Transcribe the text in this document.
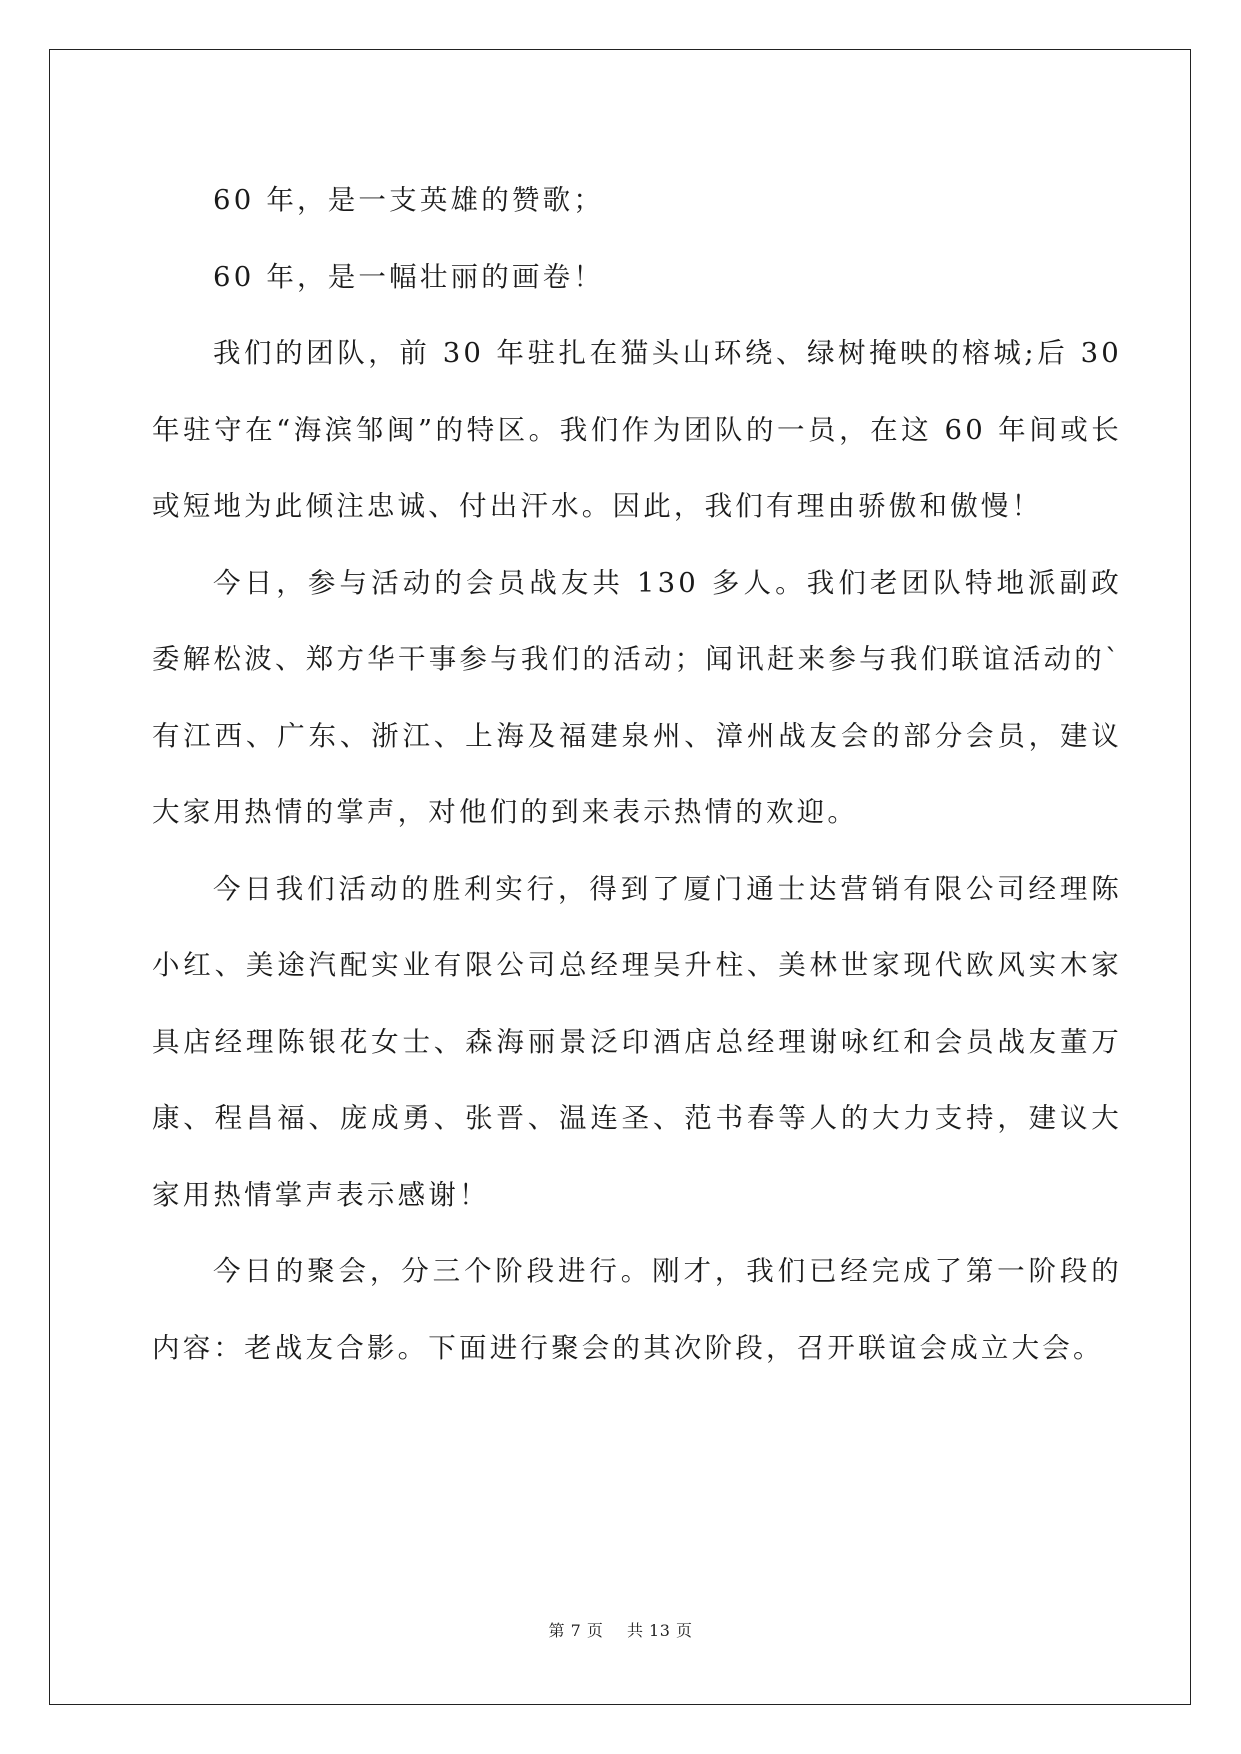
60 年，是一支英雄的赞歌；

60 年，是一幅壮丽的画卷！

我们的团队，前 30 年驻扎在猫头山环绕、绿树掩映的榕城;后 30 年驻守在“海滨邹闽”的特区。我们作为团队的一员，在这 60 年间或长或短地为此倾注忠诚、付出汗水。因此，我们有理由骄傲和傲慢！

今日，参与活动的会员战友共 130 多人。我们老团队特地派副政委解松波、郑方华干事参与我们的活动；闻讯赶来参与我们联谊活动的`有江西、广东、浙江、上海及福建泉州、漳州战友会的部分会员，建议大家用热情的掌声，对他们的到来表示热情的欢迎。

今日我们活动的胜利实行，得到了厦门通士达营销有限公司经理陈小红、美途汽配实业有限公司总经理吴升柱、美林世家现代欧风实木家具店经理陈银花女士、森海丽景泛印酒店总经理谢咏红和会员战友董万康、程昌福、庞成勇、张晋、温连圣、范书春等人的大力支持，建议大家用热情掌声表示感谢！

今日的聚会，分三个阶段进行。刚才，我们已经完成了第一阶段的内容：老战友合影。下面进行聚会的其次阶段，召开联谊会成立大会。

第 7 页 共 13 页
